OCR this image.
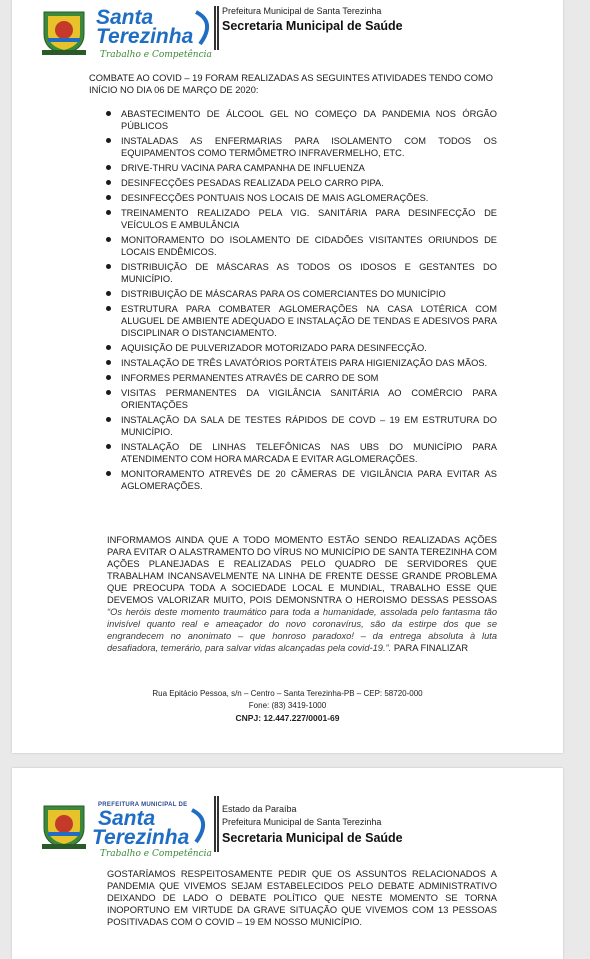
Santa
Terezinha
Trabalho e Competência
Prefeitura Municipal de Santa Terezinha
Secretaria Municipal de Saúde
COMBATE AO COVID – 19 FORAM REALIZADAS AS SEGUINTES ATIVIDADES TENDO COMO INÍCIO NO DIA 06 DE MARÇO DE 2020:
ABASTECIMENTO DE ÁLCOOL GEL NO COMEÇO DA PANDEMIA NOS ÓRGÃO PÚBLICOS
INSTALADAS AS ENFERMARIAS PARA ISOLAMENTO COM TODOS OS EQUIPAMENTOS COMO TERMÔMETRO INFRAVERMELHO, ETC.
DRIVE-THRU VACINA PARA CAMPANHA DE INFLUENZA
DESINFECÇÕES PESADAS REALIZADA PELO CARRO PIPA.
DESINFECÇÕES PONTUAIS NOS LOCAIS DE MAIS AGLOMERAÇÕES.
TREINAMENTO REALIZADO PELA VIG. SANITÁRIA PARA DESINFECÇÃO DE VEÍCULOS E AMBULÂNCIA
MONITORAMENTO DO ISOLAMENTO DE CIDADÕES VISITANTES ORIUNDOS DE LOCAIS ENDÊMICOS.
DISTRIBUIÇÃO DE MÁSCARAS AS TODOS OS IDOSOS E GESTANTES DO MUNICÍPIO.
DISTRIBUIÇÃO DE MÁSCARAS PARA OS COMERCIANTES DO MUNICÍPIO
ESTRUTURA PARA COMBATER AGLOMERAÇÕES NA CASA LOTÉRICA COM ALUGUEL DE AMBIENTE ADEQUADO E INSTALAÇÃO DE TENDAS E ADESIVOS PARA DISCIPLINAR O DISTANCIAMENTO.
AQUISIÇÃO DE PULVERIZADOR MOTORIZADO PARA DESINFECÇÃO.
INSTALAÇÃO DE TRÊS LAVATÓRIOS PORTÁTEIS PARA HIGIENIZAÇÃO DAS MÃOS.
INFORMES PERMANENTES ATRAVÉS DE CARRO DE SOM
VISITAS PERMANENTES DA VIGILÂNCIA SANITÁRIA AO COMÉRCIO PARA ORIENTAÇÕES
INSTALAÇÃO DA SALA DE TESTES RÁPIDOS DE COVD – 19 EM ESTRUTURA DO MUNICÍPIO.
INSTALAÇÃO DE LINHAS TELEFÔNICAS NAS UBS DO MUNICÍPIO PARA ATENDIMENTO COM HORA MARCADA E EVITAR AGLOMERAÇÕES.
MONITORAMENTO ATREVÉS DE 20 CÂMERAS DE VIGILÂNCIA PARA EVITAR AS AGLOMERAÇÕES.
INFORMAMOS AINDA QUE A TODO MOMENTO ESTÃO SENDO REALIZADAS AÇÕES PARA EVITAR O ALASTRAMENTO DO VÍRUS NO MUNICÍPIO DE SANTA TEREZINHA COM AÇÕES PLANEJADAS E REALIZADAS PELO QUADRO DE SERVIDORES QUE TRABALHAM INCANSAVELMENTE NA LINHA DE FRENTE DESSE GRANDE PROBLEMA QUE PREOCUPA TODA A SOCIEDADE LOCAL E MUNDIAL, TRABALHO ESSE QUE DEVEMOS VALORIZAR MUITO, POIS DEMONSNTRA O HEROISMO DESSAS PESSOAS “Os heróis deste momento traumático para toda a humanidade, assolada pelo fantasma tão invisível quanto real e ameaçador do novo coronavírus, são da estirpe dos que se engrandecem no anonimato – que honroso paradoxo! – da entrega absoluta à luta desafiadora, temerário, para salvar vidas alcançadas pela covid-19.”. PARA FINALIZAR
Rua Epitácio Pessoa, s/n – Centro – Santa Terezinha-PB – CEP: 58720-000
Fone: (83) 3419-1000
CNPJ: 12.447.227/0001-69
PREFEITURA MUNICIPAL DE
Santa
Terezinha
Trabalho e Competência
Estado da Paraíba
Prefeitura Municipal de Santa Terezinha
Secretaria Municipal de Saúde
GOSTARÍAMOS RESPEITOSAMENTE PEDIR QUE OS ASSUNTOS RELACIONADOS A PANDEMIA QUE VIVEMOS SEJAM ESTABELECIDOS PELO DEBATE ADMINISTRATIVO DEIXANDO DE LADO O DEBATE POLÍTICO QUE NESTE MOMENTO SE TORNA INOPORTUNO EM VIRTUDE DA GRAVE SITUAÇÃO QUE VIVEMOS COM 13 PESSOAS POSITIVADAS COM O COVID – 19 EM NOSSO MUNICÍPIO.
